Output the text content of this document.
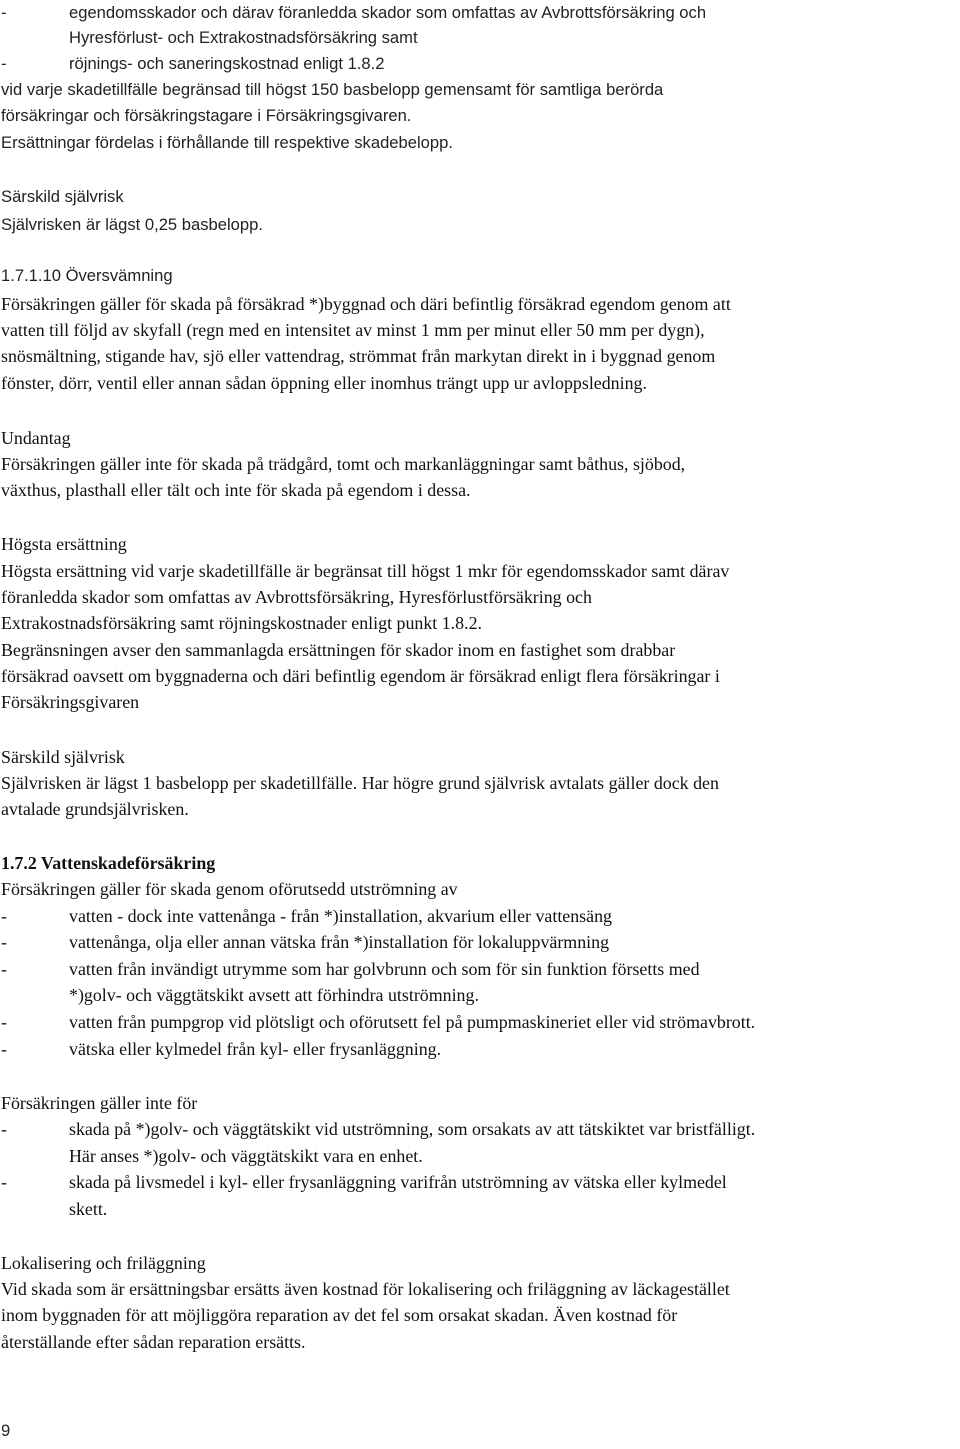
9
-	egendomsskador och därav föranledda skador som omfattas av Avbrottsförsäkring och
Hyresförlust- och Extrakostnadsförsäkring samt
-	röjnings- och saneringskostnad enligt 1.8.2
vid varje skadetillfälle begränsad till högst 150 basbelopp gemensamt för samtliga berörda
försäkringar och försäkringstagare i Försäkringsgivaren.
Ersättningar fördelas i förhållande till respektive skadebelopp.
Särskild självrisk
Självrisken är lägst 0,25 basbelopp.
1.7.1.10 Översvämning
Försäkringen gäller för skada på försäkrad *)byggnad och däri befintlig försäkrad egendom genom att
vatten till följd av skyfall (regn med en intensitet av minst 1 mm per minut eller 50 mm per dygn),
snösmältning, stigande hav, sjö eller vattendrag, strömmat från markytan direkt in i byggnad genom
fönster, dörr, ventil eller annan sådan öppning eller inomhus trängt upp ur avloppsledning.
Undantag
Försäkringen gäller inte för skada på trädgård, tomt och markanläggningar samt båthus, sjöbod,
växthus, plasthall eller tält och inte för skada på egendom i dessa.
Högsta ersättning
Högsta ersättning vid varje skadetillfälle är begränsat till högst 1 mkr för egendomsskador samt därav
föranledda skador som omfattas av Avbrottsförsäkring, Hyresförlustförsäkring och
Extrakostnadsförsäkring samt röjningskostnader enligt punkt 1.8.2.
Begränsningen avser den sammanlagda ersättningen för skador inom en fastighet som drabbar
försäkrad oavsett om byggnaderna och däri befintlig egendom är försäkrad enligt flera försäkringar i
Försäkringsgivaren
Särskild självrisk
Självrisken är lägst 1 basbelopp per skadetillfälle. Har högre grund självrisk avtalats gäller dock den
avtalade grundsjälvrisken.
1.7.2 Vattenskadeförsäkring
Försäkringen gäller för skada genom oförutsedd utströmning av
-	vatten - dock inte vattenånga - från *)installation, akvarium eller vattensäng
-	vattenånga, olja eller annan vätska från *)installation för lokaluppvärmning
-	vatten från invändigt utrymme som har golvbrunn och som för sin funktion försetts med
*)golv- och väggtätskikt avsett att förhindra utströmning.
-	vatten från pumpgrop vid plötsligt och oförutsett fel på pumpmaskineriet eller vid strömavbrott.
-	vätska eller kylmedel från kyl- eller frysanläggning.
Försäkringen gäller inte för
-	skada på *)golv- och väggtätskikt vid utströmning, som orsakats av att tätskiktet var bristfälligt.
Här anses *)golv- och väggtätskikt vara en enhet.
-	skada på livsmedel i kyl- eller frysanläggning varifrån utströmning av vätska eller kylmedel
skett.
Lokalisering och friläggning
Vid skada som är ersättningsbar ersätts även kostnad för lokalisering och friläggning av läckagestället
inom byggnaden för att möjliggöra reparation av det fel som orsakat skadan. Även kostnad för
återställande efter sådan reparation ersätts.
